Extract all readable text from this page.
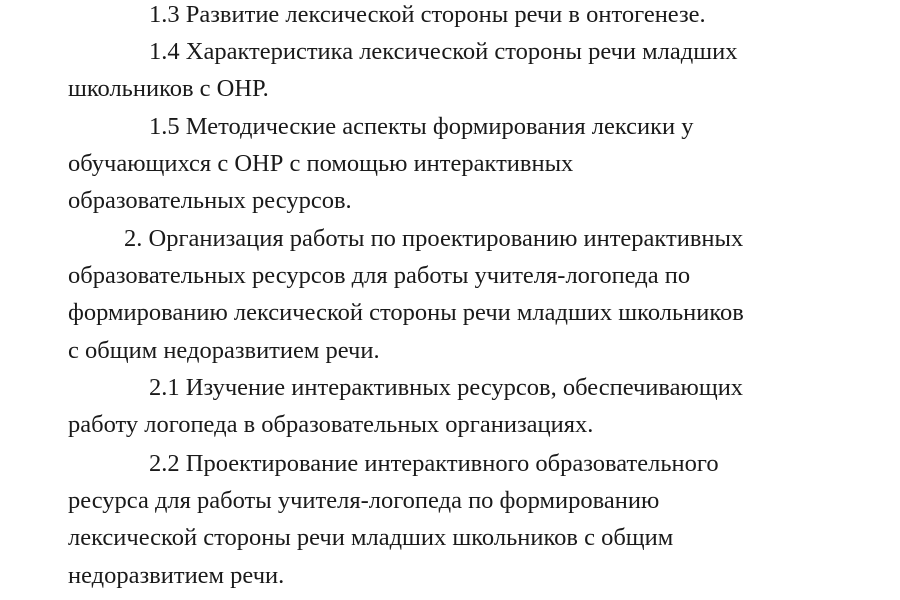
1.3 Развитие лексической стороны речи в онтогенезе.

1.4 Характеристика лексической стороны речи младших

школьников с ОНР.

1.5 Методические аспекты формирования лексики у

обучающихся с ОНР с помощью интерактивных

образовательных ресурсов.

2. Организация работы по проектированию интерактивных

образовательных ресурсов для работы учителя-логопеда по

формированию лексической стороны речи младших школьников

с общим недоразвитием речи.

2.1 Изучение интерактивных ресурсов, обеспечивающих

работу логопеда в образовательных организациях.

2.2 Проектирование интерактивного образовательного

ресурса для работы учителя-логопеда по формированию

лексической стороны речи младших школьников с общим

недоразвитием речи.
